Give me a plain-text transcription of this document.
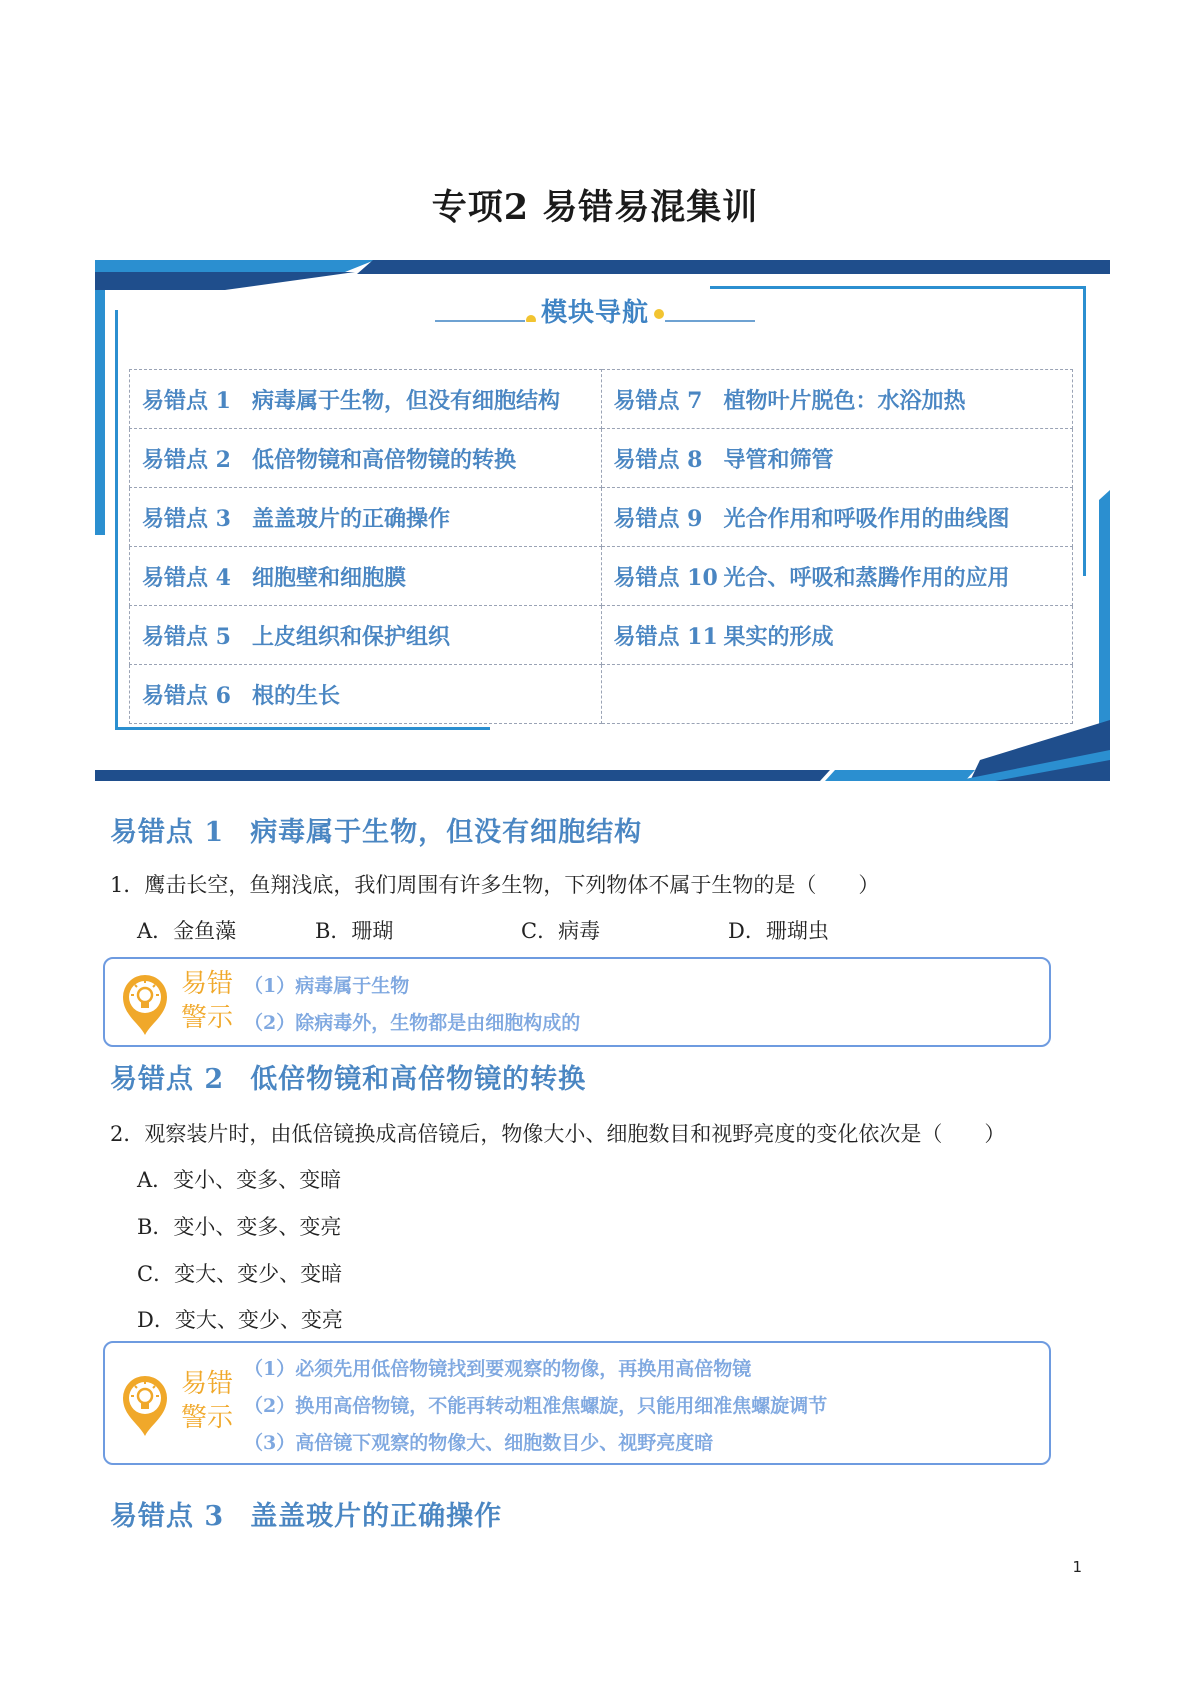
专项2 易错易混集训
模块导航
易错点 1 病毒属于生物，但没有细胞结构	易错点 7 植物叶片脱色：水浴加热
易错点 2 低倍物镜和高倍物镜的转换	易错点 8 导管和筛管
易错点 3 盖盖玻片的正确操作	易错点 9 光合作用和呼吸作用的曲线图
易错点 4 细胞壁和细胞膜	易错点 10 光合、呼吸和蒸腾作用的应用
易错点 5 上皮组织和保护组织	易错点 11 果实的形成
易错点 6 根的生长	
易错点 1 病毒属于生物，但没有细胞结构
1．鹰击长空，鱼翔浅底，我们周围有许多生物，下列物体不属于生物的是（　　）
A．金鱼藻	B．珊瑚	C．病毒	D．珊瑚虫
易错
警示
（1）病毒属于生物
（2）除病毒外，生物都是由细胞构成的
易错点 2 低倍物镜和高倍物镜的转换
2．观察装片时，由低倍镜换成高倍镜后，物像大小、细胞数目和视野亮度的变化依次是（　　）
A．变小、变多、变暗
B．变小、变多、变亮
C．变大、变少、变暗
D．变大、变少、变亮
易错
警示
（1）必须先用低倍物镜找到要观察的物像，再换用高倍物镜
（2）换用高倍物镜，不能再转动粗准焦螺旋，只能用细准焦螺旋调节
（3）高倍镜下观察的物像大、细胞数目少、视野亮度暗
易错点 3 盖盖玻片的正确操作
1
